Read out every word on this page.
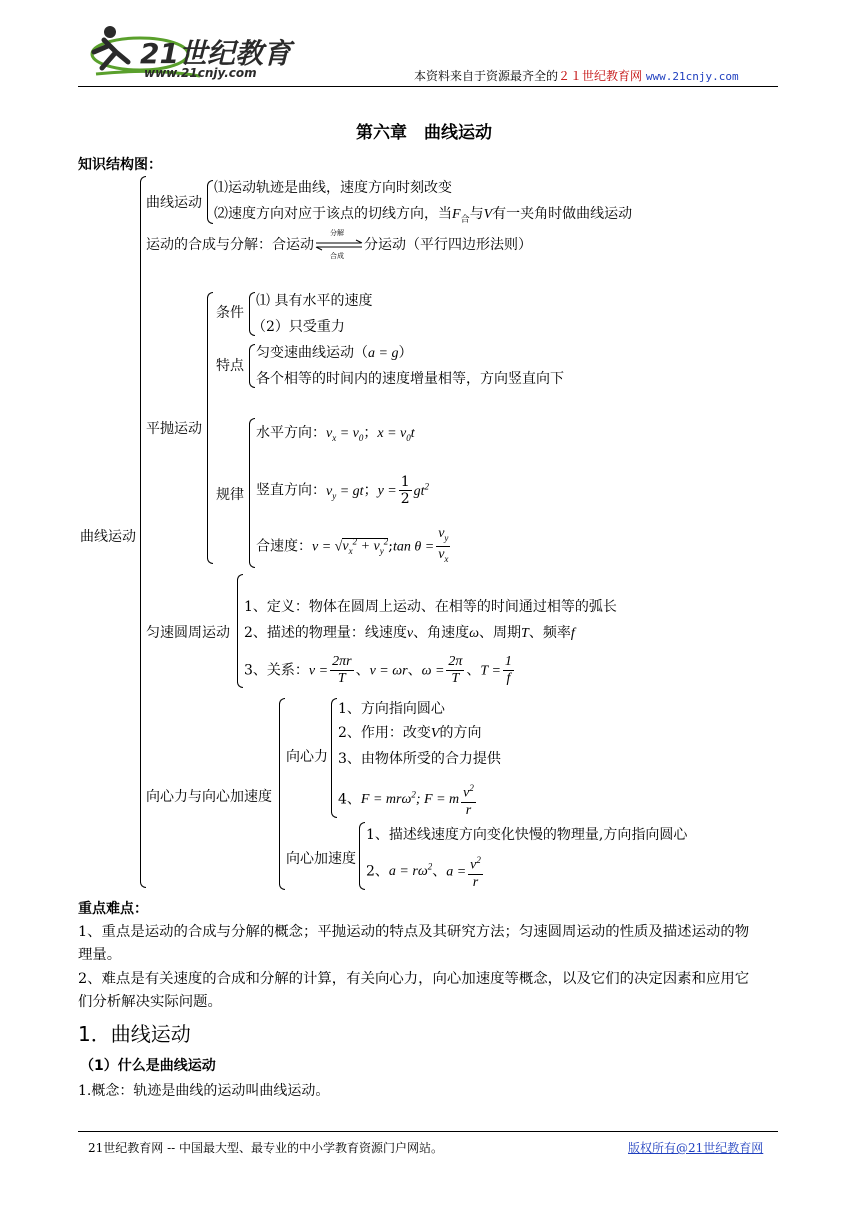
21世纪教育
www.21cnjy.com	本资料来自于资源最齐全的２１世纪教育网 www.21cnjy.com
第六章　曲线运动
知识结构图：
曲线运动
曲线运动
⑴运动轨迹是曲线，速度方向时刻改变
⑵速度方向对应于该点的切线方向，当$F_合$与V有一夹角时做曲线运动
运动的合成与分解：合运动
分解
合成
分运动（平行四边形法则）
平抛运动
条件
⑴ 具有水平的速度
（2）只受重力
特点
匀变速曲线运动（a = g）
各个相等的时间内的速度增量相等，方向竖直向下
规律
水平方向：$v_x = v_0$；$x = v_0t$
竖直方向：$v_y$ = gt；$y = \frac{1}{2} gt^2$
合速度：$v = √v_x^2$ + $v_y^2;\tan$ $\theta = \frac{v_y}{v_x}$
匀速圆周运动
1、定义：物体在圆周上运动、在相等的时间通过相等的弧长
2、描述的物理量：线速度v、角速度ω、周期T、频率f
3、关系：$v = \frac{2\pi r}{T}$ 、v = ωr、$\omega = \frac{2\pi}{T}$ 、$T = \frac{1}{f}$
向心力与向心加速度
向心力
1、方向指向圆心
2、作用：改变V的方向
3、由物体所受的合力提供
4、F = mrω$^2$; F = m $\frac{v^2}{r}$
向心加速度
1、描述线速度方向变化快慢的物理量,方向指向圆心
2、$a = r\omega^2$、$a = \frac{v^2}{r}$
重点难点：
1、重点是运动的合成与分解的概念；平抛运动的特点及其研究方法；匀速圆周运动的性质及描述运动的物
理量。
2、难点是有关速度的合成和分解的计算，有关向心力，向心加速度等概念，以及它们的决定因素和应用它
们分析解决实际问题。
1．曲线运动
（1）什么是曲线运动
1.概念：轨迹是曲线的运动叫曲线运动。
21世纪教育网 -- 中国最大型、最专业的中小学教育资源门户网站。	版权所有@21世纪教育网
